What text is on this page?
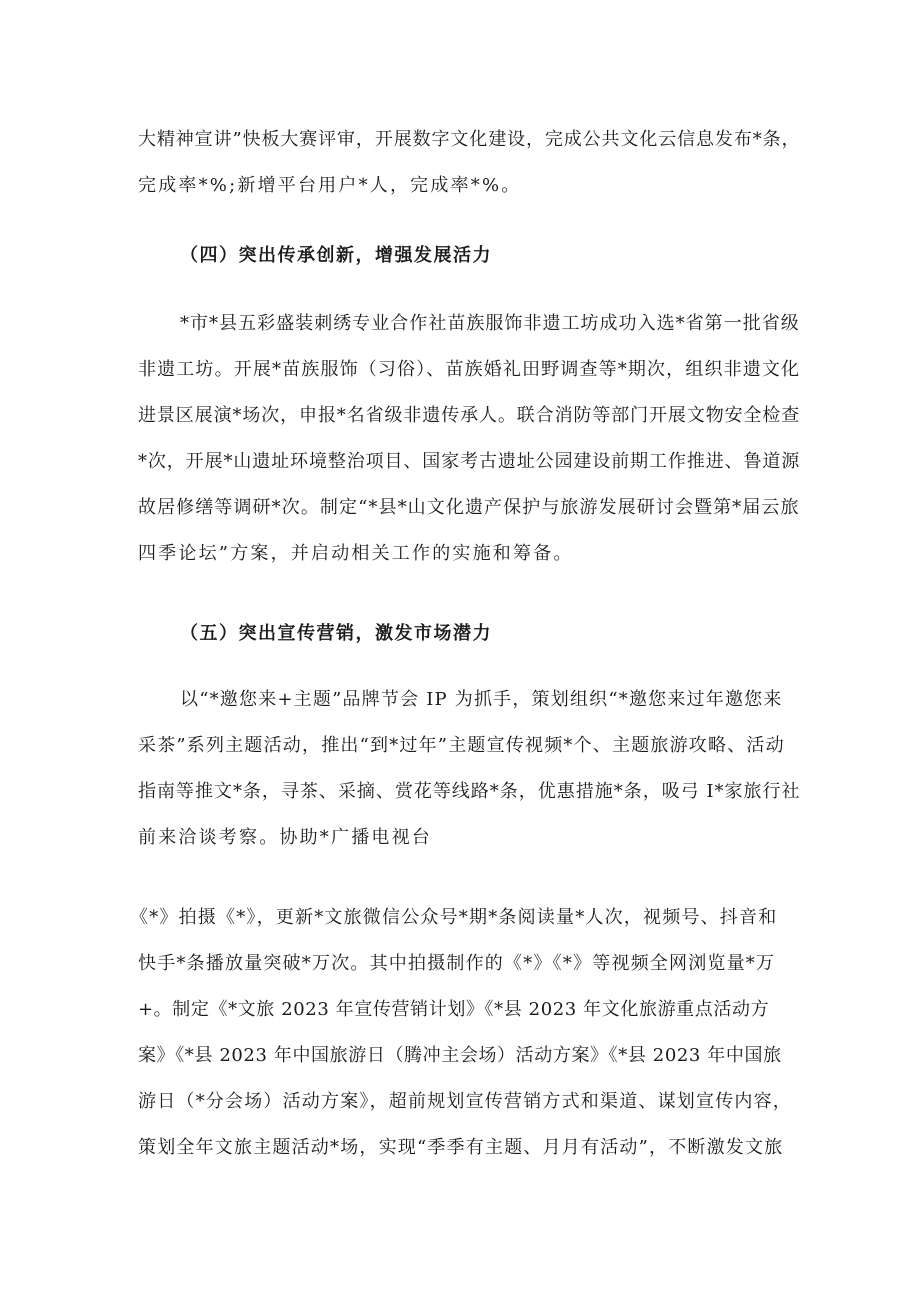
大精神宣讲”快板大赛评审，开展数字文化建设，完成公共文化云信息发布*条，
完成率*%;新增平台用户*人，完成率*%。
（四）突出传承创新，增强发展活力
*市*县五彩盛装刺绣专业合作社苗族服饰非遗工坊成功入选*省第一批省级
非遗工坊。开展*苗族服饰（习俗）、苗族婚礼田野调查等*期次，组织非遗文化
进景区展演*场次，申报*名省级非遗传承人。联合消防等部门开展文物安全检查
*次，开展*山遗址环境整治项目、国家考古遗址公园建设前期工作推进、鲁道源
故居修缮等调研*次。制定“*县*山文化遗产保护与旅游发展研讨会暨第*届云旅
四季论坛”方案，并启动相关工作的实施和筹备。
（五）突出宣传营销，激发市场潜力
以“*邀您来+主题”品牌节会 IP 为抓手，策划组织“*邀您来过年邀您来
采茶”系列主题活动，推出“到*过年”主题宣传视频*个、主题旅游攻略、活动
指南等推文*条，寻茶、采摘、赏花等线路*条，优惠措施*条，吸弓 I*家旅行社
前来洽谈考察。协助*广播电视台
《*》拍摄《*》，更新*文旅微信公众号*期*条阅读量*人次，视频号、抖音和
快手*条播放量突破*万次。其中拍摄制作的《*》《*》等视频全网浏览量*万
+。制定《*文旅 2023 年宣传营销计划》《*县 2023 年文化旅游重点活动方
案》《*县 2023 年中国旅游日（腾冲主会场）活动方案》《*县 2023 年中国旅
游日（*分会场）活动方案》，超前规划宣传营销方式和渠道、谋划宣传内容，
策划全年文旅主题活动*场，实现“季季有主题、月月有活动”，不断激发文旅
